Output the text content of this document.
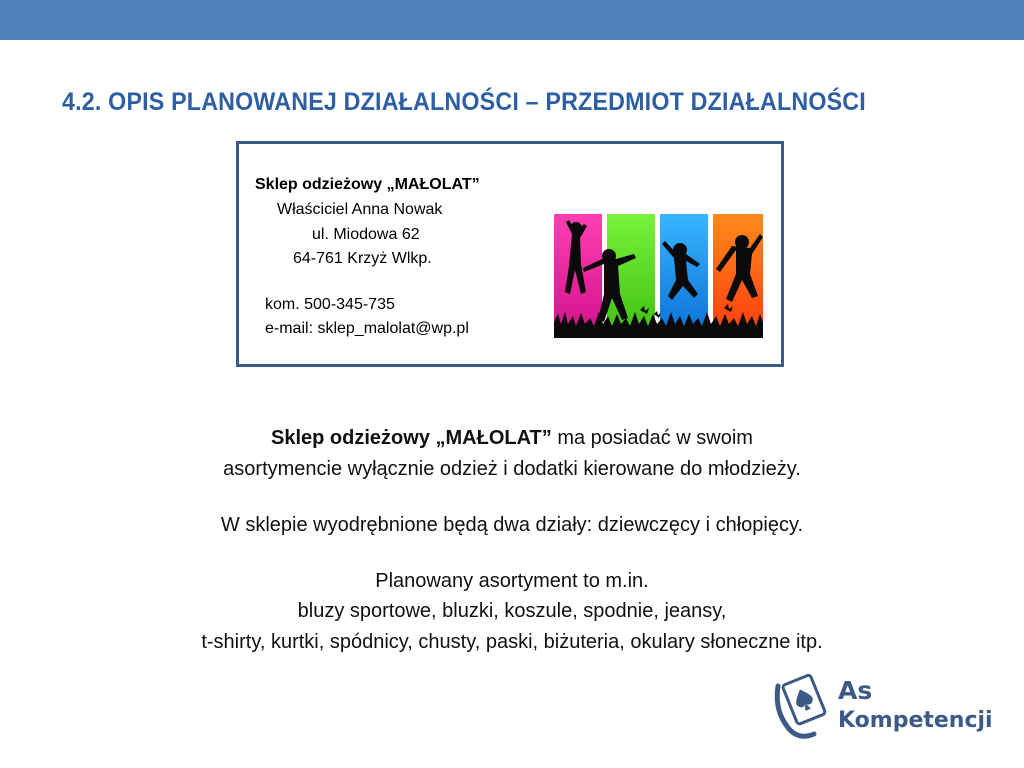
4.2. OPIS PLANOWANEJ DZIAŁALNOŚCI – PRZEDMIOT DZIAŁALNOŚCI
Sklep odzieżowy „MAŁOLAT”
Właściciel Anna Nowak
ul. Miodowa 62
64-761 Krzyż Wlkp.
kom. 500-345-735
e-mail: sklep_malolat@wp.pl
Sklep odzieżowy „MAŁOLAT” ma posiadać w swoim
asortymencie wyłącznie odzież i dodatki kierowane do młodzieży.
W sklepie wyodrębnione będą dwa działy: dziewczęcy i chłopięcy.
Planowany asortyment to m.in.
bluzy sportowe, bluzki, koszule, spodnie, jeansy,
t-shirty, kurtki, spódnicy, chusty, paski, biżuteria, okulary słoneczne itp.
As
Kompetencji
